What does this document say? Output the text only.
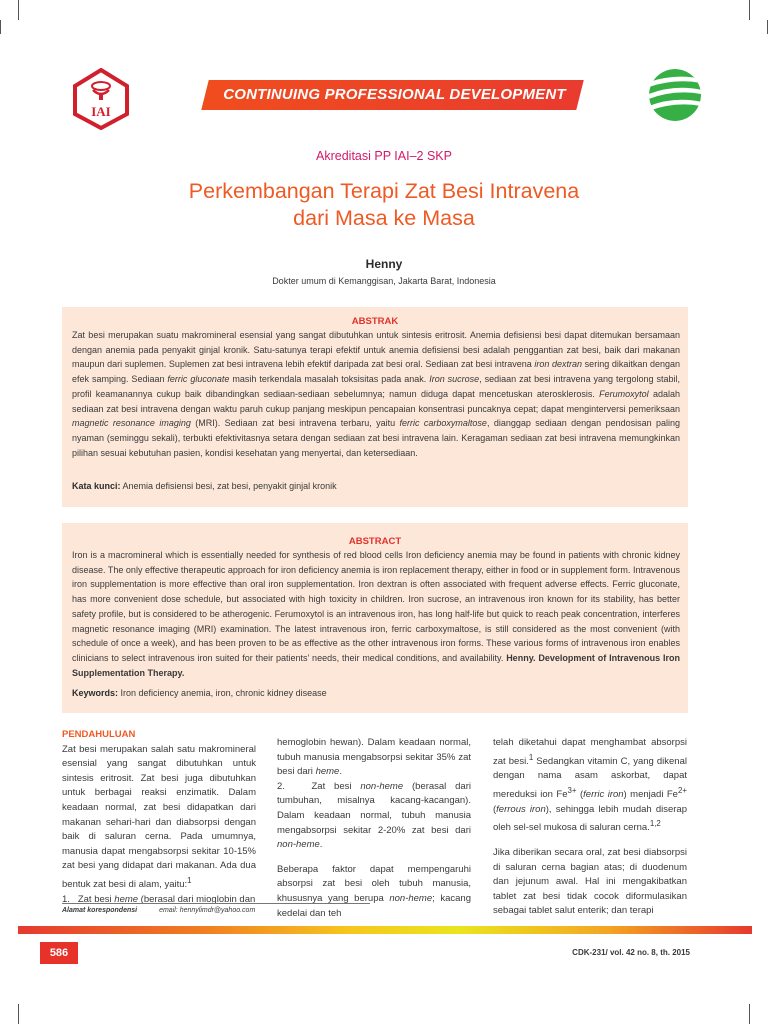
IAI
CONTINUING PROFESSIONAL DEVELOPMENT
Akreditasi PP IAI–2 SKP
Perkembangan Terapi Zat Besi Intravena
dari Masa ke Masa
Henny
Dokter umum di Kemanggisan, Jakarta Barat, Indonesia
ABSTRAK
Zat besi merupakan suatu makromineral esensial yang sangat dibutuhkan untuk sintesis eritrosit. Anemia defisiensi besi dapat ditemukan bersamaan dengan anemia pada penyakit ginjal kronik. Satu-satunya terapi efektif untuk anemia defisiensi besi adalah penggantian zat besi, baik dari makanan maupun dari suplemen. Suplemen zat besi intravena lebih efektif daripada zat besi oral. Sediaan zat besi intravena iron dextran sering dikaitkan dengan efek samping. Sediaan ferric gluconate masih terkendala masalah toksisitas pada anak. Iron sucrose, sediaan zat besi intravena yang tergolong stabil, profil keamanannya cukup baik dibandingkan sediaan-sediaan sebelumnya; namun diduga dapat mencetuskan aterosklerosis. Ferumoxytol adalah sediaan zat besi intravena dengan waktu paruh cukup panjang meskipun pencapaian konsentrasi puncaknya cepat; dapat menginterversi pemeriksaan magnetic resonance imaging (MRI). Sediaan zat besi intravena terbaru, yaitu ferric carboxymaltose, dianggap sediaan dengan pendosisan paling nyaman (seminggu sekali), terbukti efektivitasnya setara dengan sediaan zat besi intravena lain. Keragaman sediaan zat besi intravena memungkinkan pilihan sesuai kebutuhan pasien, kondisi kesehatan yang menyertai, dan ketersediaan.
Kata kunci: Anemia defisiensi besi, zat besi, penyakit ginjal kronik
ABSTRACT
Iron is a macromineral which is essentially needed for synthesis of red blood cells Iron deficiency anemia may be found in patients with chronic kidney disease. The only effective therapeutic approach for iron deficiency anemia is iron replacement therapy, either in food or in supplement form. Intravenous iron supplementation is more effective than oral iron supplementation. Iron dextran is often associated with frequent adverse effects. Ferric gluconate, has more convenient dose schedule, but associated with high toxicity in children. Iron sucrose, an intravenous iron known for its stability, has better safety profile, but is considered to be atherogenic. Ferumoxytol is an intravenous iron, has long half-life but quick to reach peak concentration, interferes magnetic resonance imaging (MRI) examination. The latest intravenous iron, ferric carboxymaltose, is still considered as the most convenient (with schedule of once a week), and has been proven to be as effective as the other intravenous iron forms. These various forms of intravenous iron enables clinicians to select intravenous iron suited for their patients’ needs, their medical conditions, and availability. Henny. Development of Intravenous Iron Supplementation Therapy.
Keywords: Iron deficiency anemia, iron, chronic kidney disease
PENDAHULUAN

Zat besi merupakan salah satu makromineral esensial yang sangat dibutuhkan untuk sintesis eritrosit. Zat besi juga dibutuhkan untuk berbagai reaksi enzimatik. Dalam keadaan normal, zat besi didapatkan dari makanan sehari-hari dan diabsorpsi dengan baik di saluran cerna. Pada umumnya, manusia dapat mengabsorpsi sekitar 10-15% zat besi yang didapat dari makanan. Ada dua bentuk zat besi di alam, yaitu:$^1$

1.   Zat besi heme (berasal dari mioglobin dan

hemoglobin hewan). Dalam keadaan normal, tubuh manusia mengabsorpsi sekitar 35% zat besi dari heme.

2.   Zat besi non-heme (berasal dari tumbuhan, misalnya kacang-kacangan). Dalam keadaan normal, tubuh manusia mengabsorpsi sekitar 2-20% zat besi dari non-heme.

Beberapa faktor dapat mempengaruhi absorpsi zat besi oleh tubuh manusia, khususnya yang berupa non-heme; kacang kedelai dan teh

telah diketahui dapat menghambat absorpsi zat besi.$^1$ Sedangkan vitamin C, yang dikenal dengan nama asam askorbat, dapat mereduksi ion $Fe^{3+}$ (ferric iron) menjadi $Fe^{2+}$ (ferrous iron), sehingga lebih mudah diserap oleh sel-sel mukosa di saluran cerna.$^{1,2}$

Jika diberikan secara oral, zat besi diabsorpsi di saluran cerna bagian atas; di duodenum dan jejunum awal. Hal ini mengakibatkan tablet zat besi tidak cocok diformulasikan sebagai tablet salut enterik; dan terapi

Alamat korespondensi	email: hennylimdr@yahoo.com
586	CDK-231/ vol. 42 no. 8, th. 2015
